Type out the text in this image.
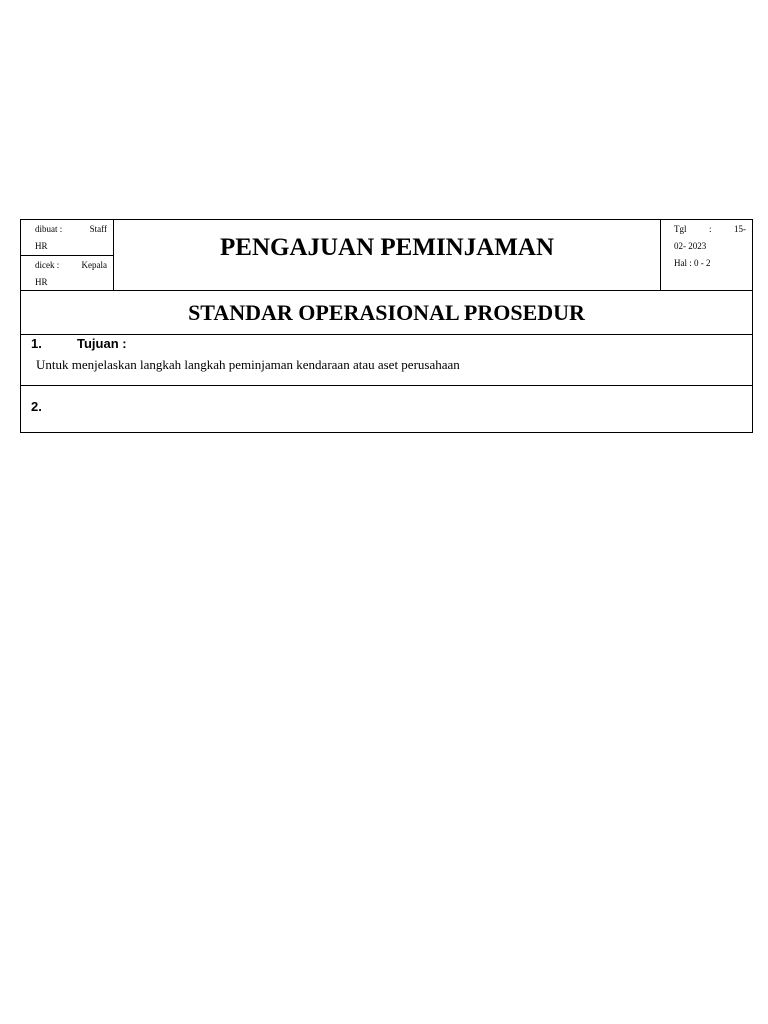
dibuat :	Staff
HR
dicek : Kepala
HR
PENGAJUAN PEMINJAMAN
Tgl : 15-
02- 2023
Hal : 0 - 2
STANDAR OPERASIONAL PROSEDUR
1.	Tujuan :
Untuk menjelaskan langkah langkah peminjaman kendaraan atau aset perusahaan
2.
